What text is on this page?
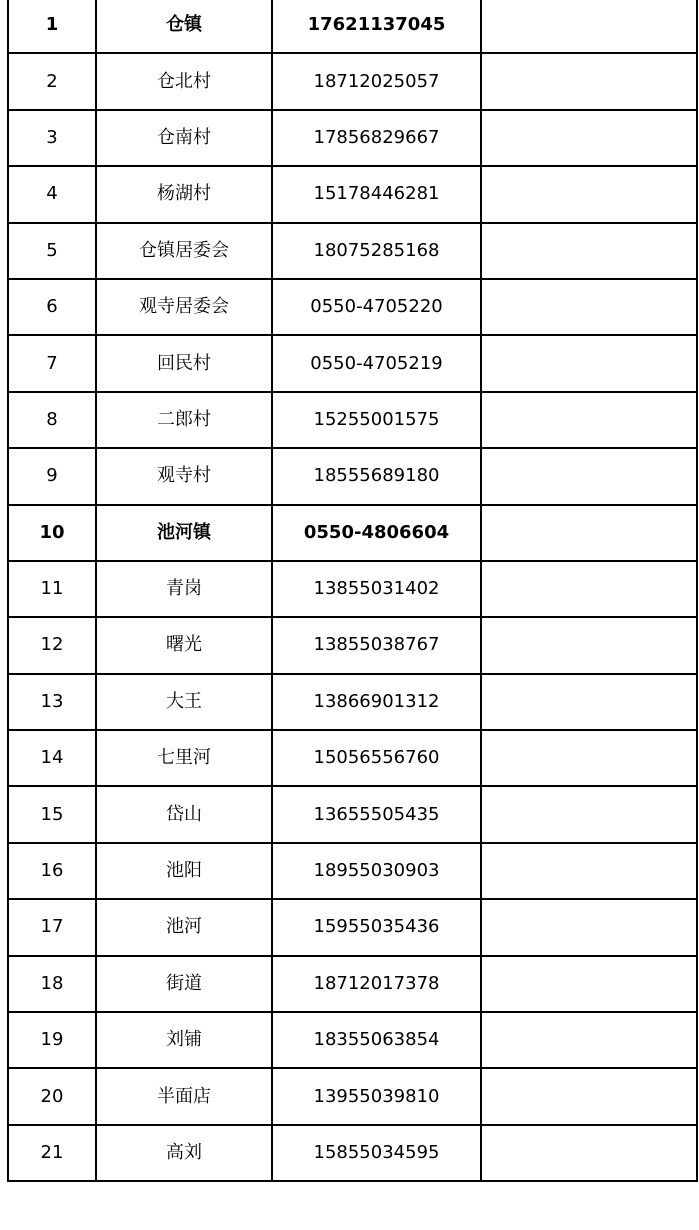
1	仓镇	17621137045	
2	仓北村	18712025057	
3	仓南村	17856829667	
4	杨湖村	15178446281	
5	仓镇居委会	18075285168	
6	观寺居委会	0550-4705220	
7	回民村	0550-4705219	
8	二郎村	15255001575	
9	观寺村	18555689180	
10	池河镇	0550-4806604	
11	青岗	13855031402	
12	曙光	13855038767	
13	大王	13866901312	
14	七里河	15056556760	
15	岱山	13655505435	
16	池阳	18955030903	
17	池河	15955035436	
18	街道	18712017378	
19	刘铺	18355063854	
20	半面店	13955039810	
21	高刘	15855034595	
